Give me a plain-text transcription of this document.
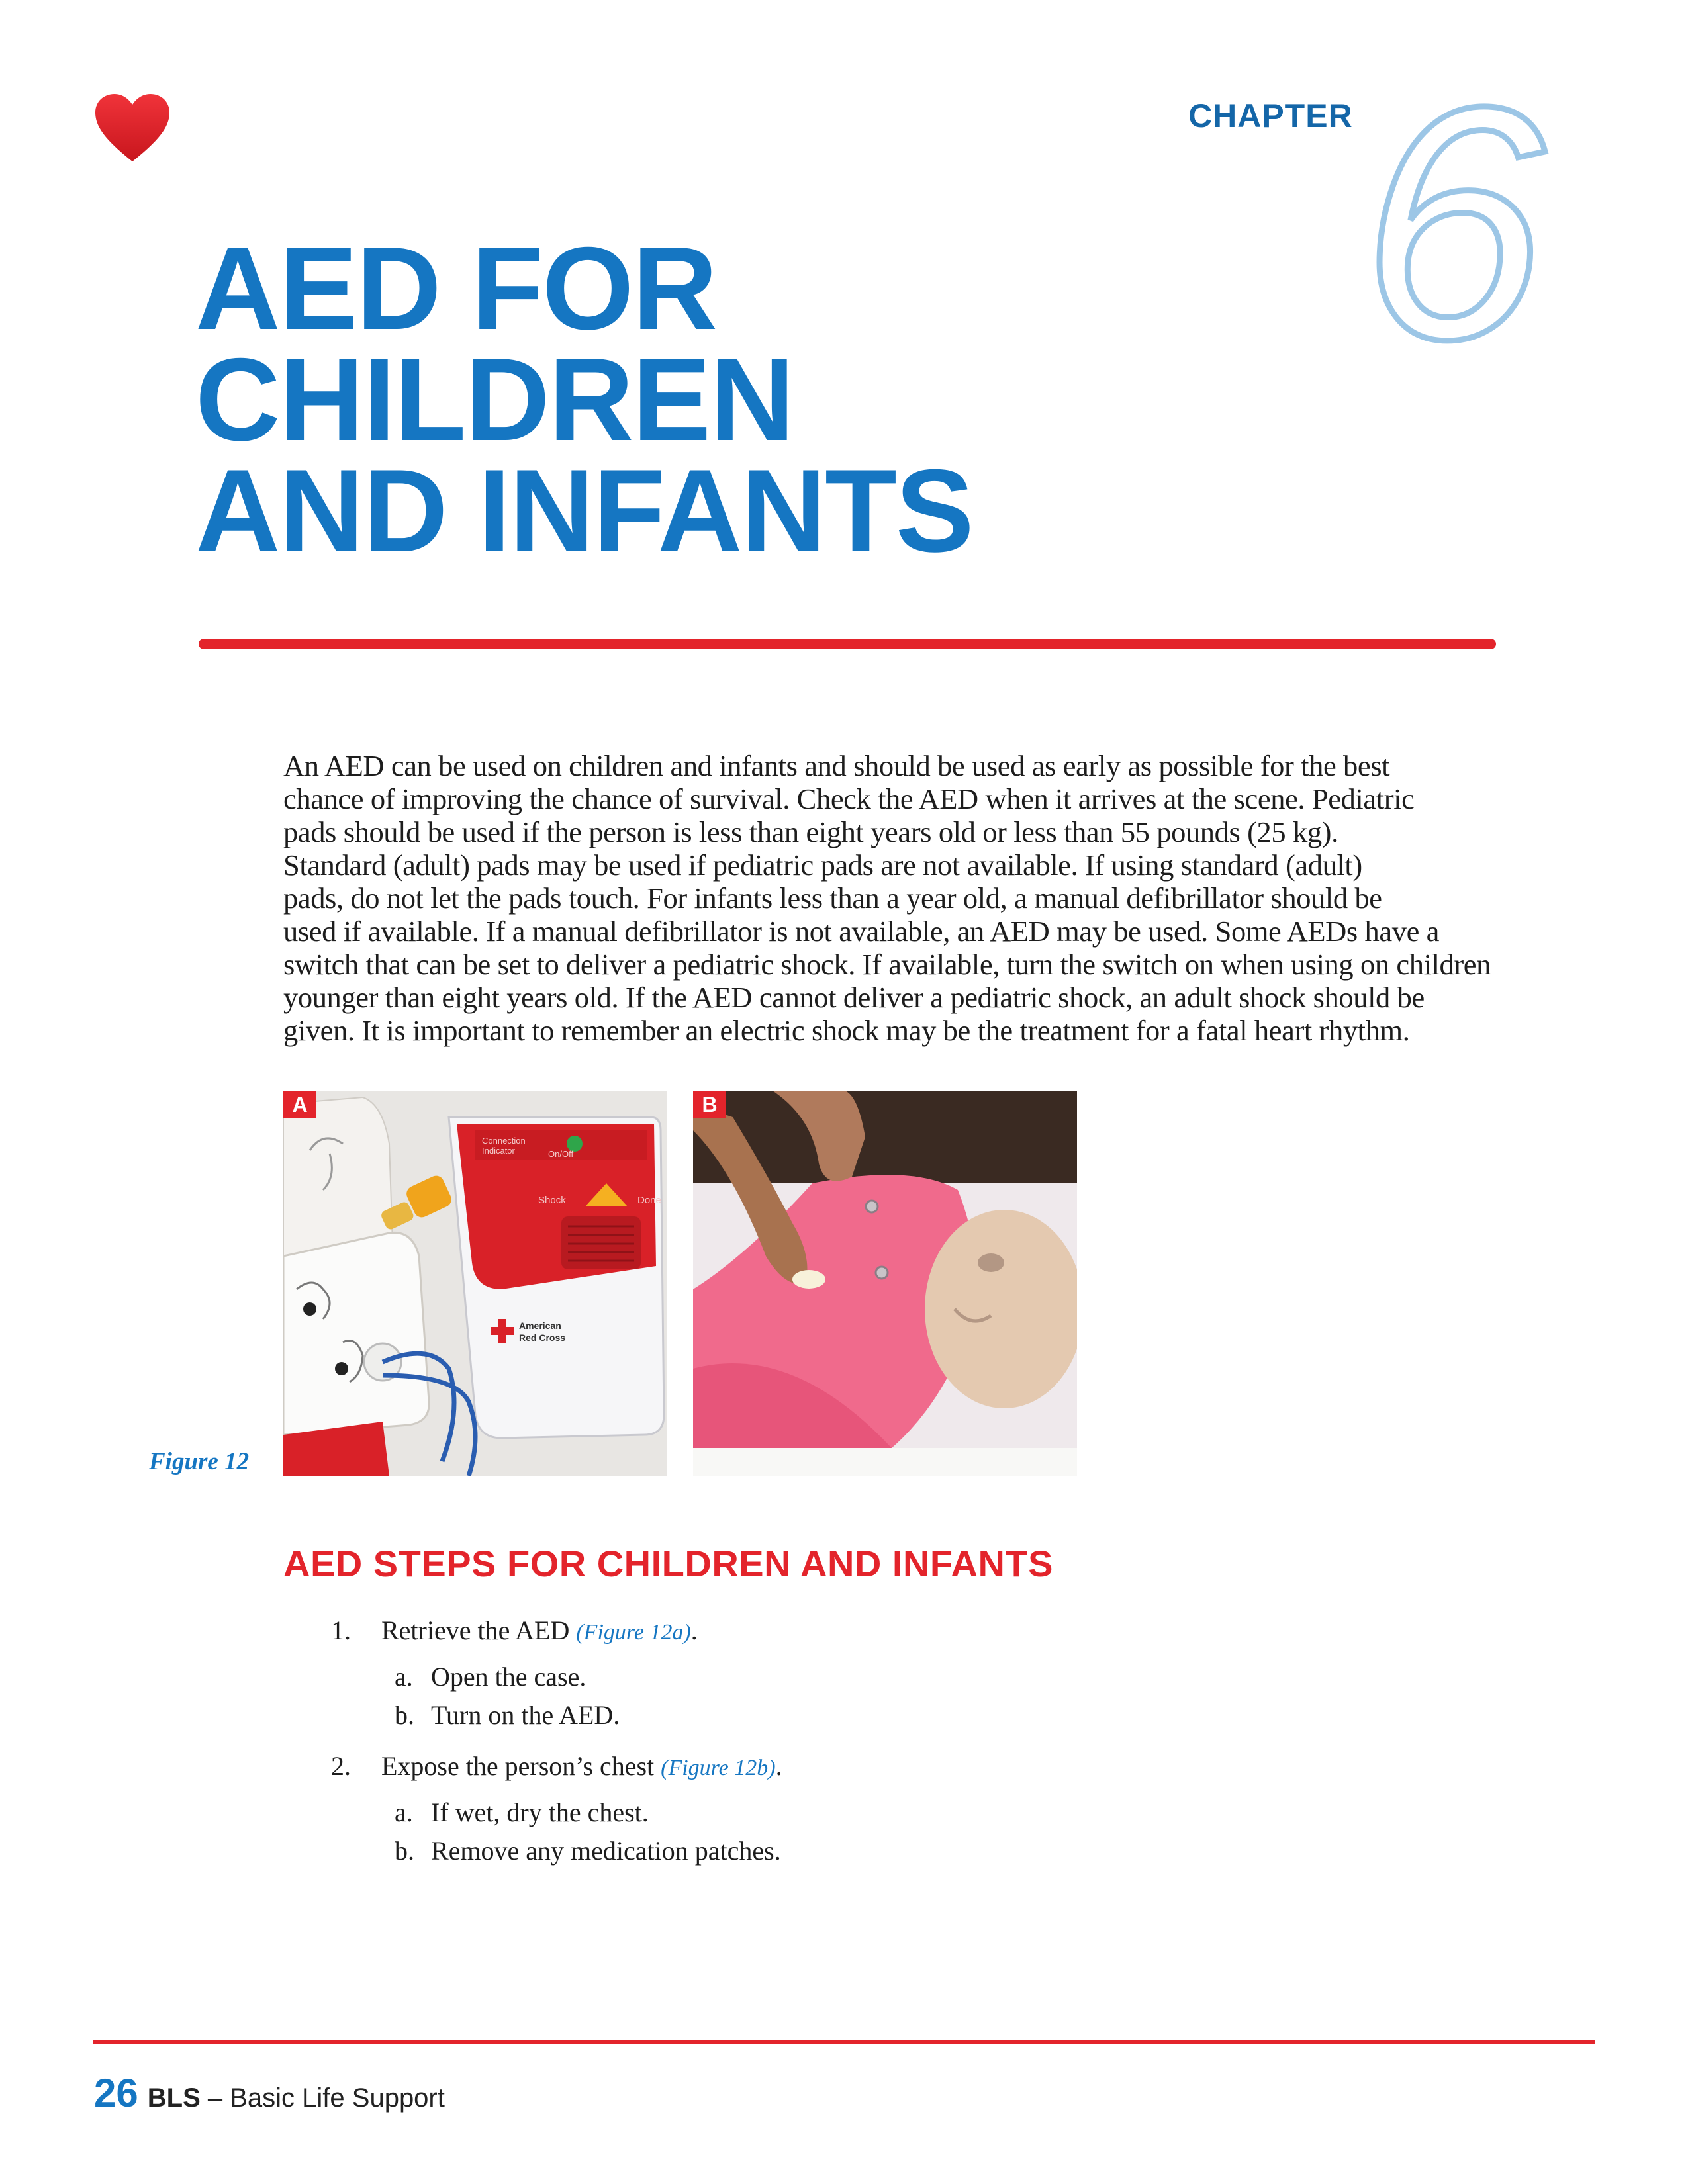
CHAPTER 6
AED FOR
CHILDREN
AND INFANTS
An AED can be used on children and infants and should be used as early as possible for the best
chance of improving the chance of survival. Check the AED when it arrives at the scene. Pediatric
pads should be used if the person is less than eight years old or less than 55 pounds (25 kg).
Standard (adult) pads may be used if pediatric pads are not available. If using standard (adult)
pads, do not let the pads touch. For infants less than a year old, a manual defibrillator should be
used if available. If a manual defibrillator is not available, an AED may be used. Some AEDs have a
switch that can be set to deliver a pediatric shock. If available, turn the switch on when using on children
younger than eight years old. If the AED cannot deliver a pediatric shock, an adult shock should be
given. It is important to remember an electric shock may be the treatment for a fatal heart rhythm.
Connection
Indicator	On/Off
Shock	Done
American
Red Cross
A	B
Figure 12
AED STEPS FOR CHILDREN AND INFANTS
1. Retrieve the AED (Figure 12a).
a. Open the case.
b. Turn on the AED.
2. Expose the person’s chest (Figure 12b).
a. If wet, dry the chest.
b. Remove any medication patches.
26 BLS – Basic Life Support
